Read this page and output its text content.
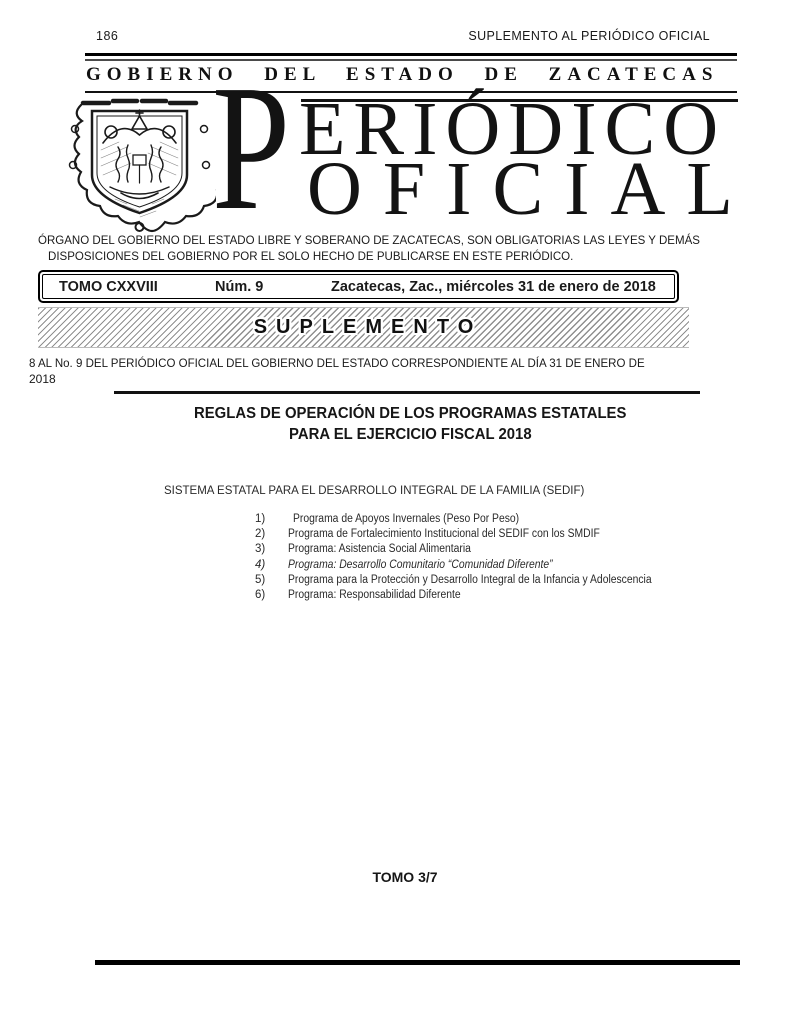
186	SUPLEMENTO AL PERIÓDICO OFICIAL
GOBIERNO DEL ESTADO DE ZACATECAS
P ERIÓDICO
OFICIAL
ÓRGANO DEL GOBIERNO DEL ESTADO LIBRE Y SOBERANO DE ZACATECAS, SON OBLIGATORIAS LAS LEYES Y DEMÁS
DISPOSICIONES DEL GOBIERNO POR EL SOLO HECHO DE PUBLICARSE EN ESTE PERIÓDICO.
TOMO CXXVIII	Núm. 9	Zacatecas, Zac., miércoles 31 de enero de 2018
SUPLEMENTO
8 AL No. 9 DEL PERIÓDICO OFICIAL DEL GOBIERNO DEL ESTADO CORRESPONDIENTE AL DÍA 31 DE ENERO DE
2018
REGLAS DE OPERACIÓN DE LOS PROGRAMAS ESTATALES
PARA EL EJERCICIO FISCAL 2018
SISTEMA ESTATAL PARA EL DESARROLLO INTEGRAL DE LA FAMILIA (SEDIF)
1)	Programa de Apoyos Invernales (Peso Por Peso)
2)	Programa de Fortalecimiento Institucional del SEDIF con los SMDIF
3)	Programa: Asistencia Social Alimentaria
4)	Programa: Desarrollo Comunitario “Comunidad Diferente”
5)	Programa para la Protección y Desarrollo Integral de la Infancia y Adolescencia
6)	Programa: Responsabilidad Diferente
TOMO 3/7
